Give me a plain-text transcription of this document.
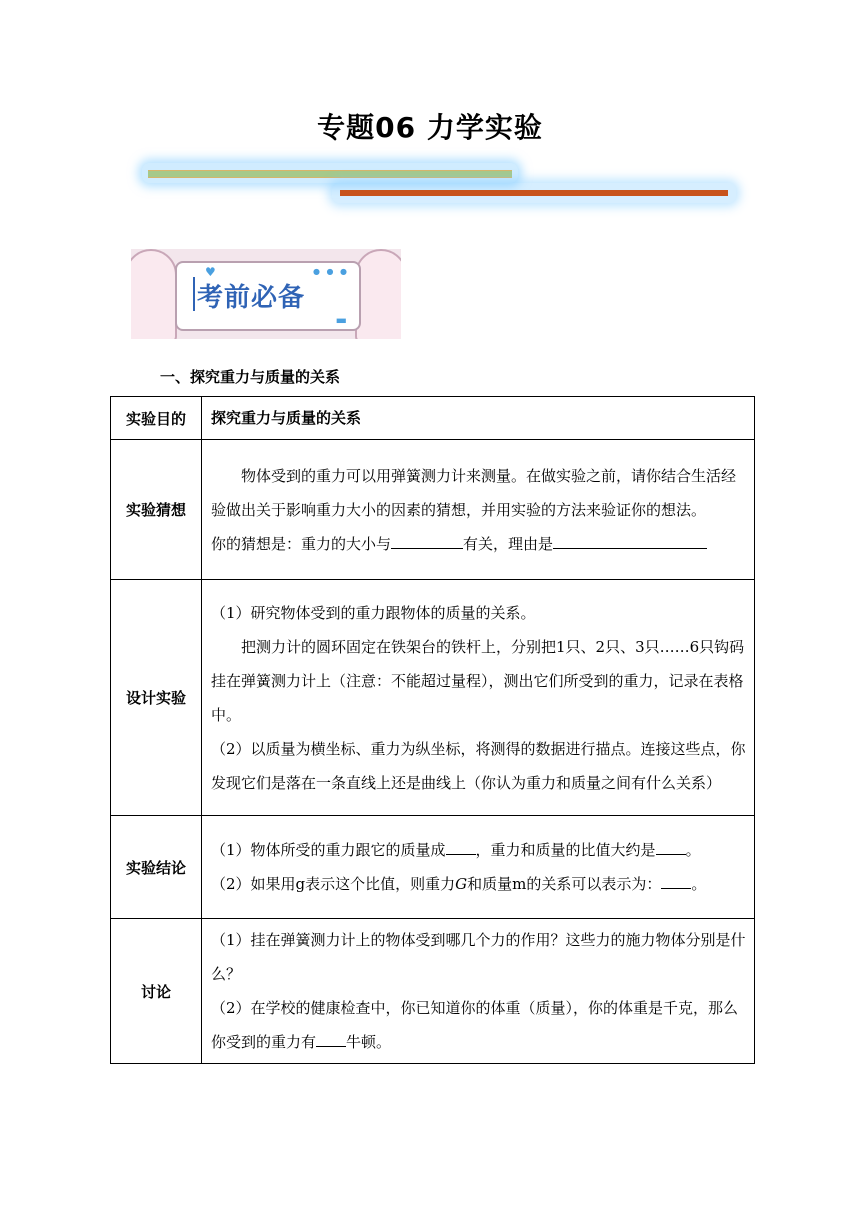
专题06 力学实验
♥	● ● ●
考前必备
▬
一、探究重力与质量的关系
实验目的	探究重力与质量的关系
实验猜想	物体受到的重力可以用弹簧测力计来测量。在做实验之前，请你结合生活经验做出关于影响重力大小的因素的猜想，并用实验的方法来验证你的想法。
你的猜想是：重力的大小与 有关，理由是

设计实验	（1）研究物体受到的重力跟物体的质量的关系。
把测力计的圆环固定在铁架台的铁杆上，分别把1只、2只、3只……6只钩码挂在弹簧测力计上（注意：不能超过量程），测出它们所受到的重力，记录在表格中。
（2）以质量为横坐标、重力为纵坐标，将测得的数据进行描点。连接这些点，你发现它们是落在一条直线上还是曲线上（你认为重力和质量之间有什么关系）

实验结论	（1）物体所受的重力跟它的质量成 ，重力和质量的比值大约是 。
（2）如果用g表示这个比值，则重力G和质量m的关系可以表示为： 。

讨论	（1）挂在弹簧测力计上的物体受到哪几个力的作用？这些力的施力物体分别是什么？
（2）在学校的健康检查中，你已知道你的体重（质量），你的体重是千克，那么你受到的重力有 牛顿。
